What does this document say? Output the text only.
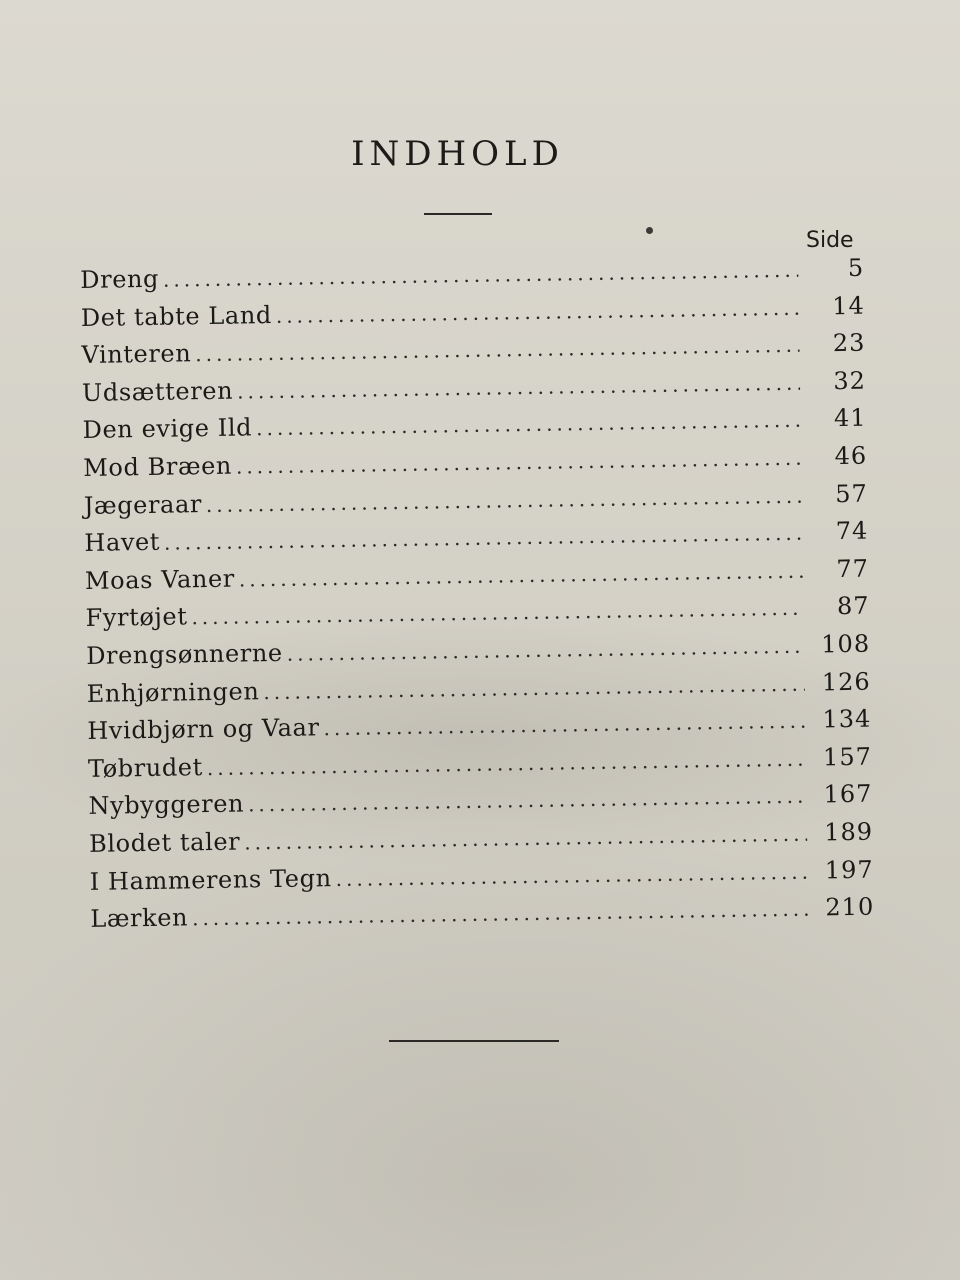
INDHOLD
Side
Dreng .....	5
Det tabte Land .....	14
Vinteren .....	23
Udsætteren .....	32
Den evige Ild .....	41
Mod Bræen .....	46
Jægeraar .....	57
Havet .....	74
Moas Vaner .....	77
Fyrtøjet .....	87
Drengsønnerne .....	108
Enhjørningen .....	126
Hvidbjørn og Vaar .....	134
Tøbrudet .....	157
Nybyggeren .....	167
Blodet taler .....	189
I Hammerens Tegn .....	197
Lærken .....	210
